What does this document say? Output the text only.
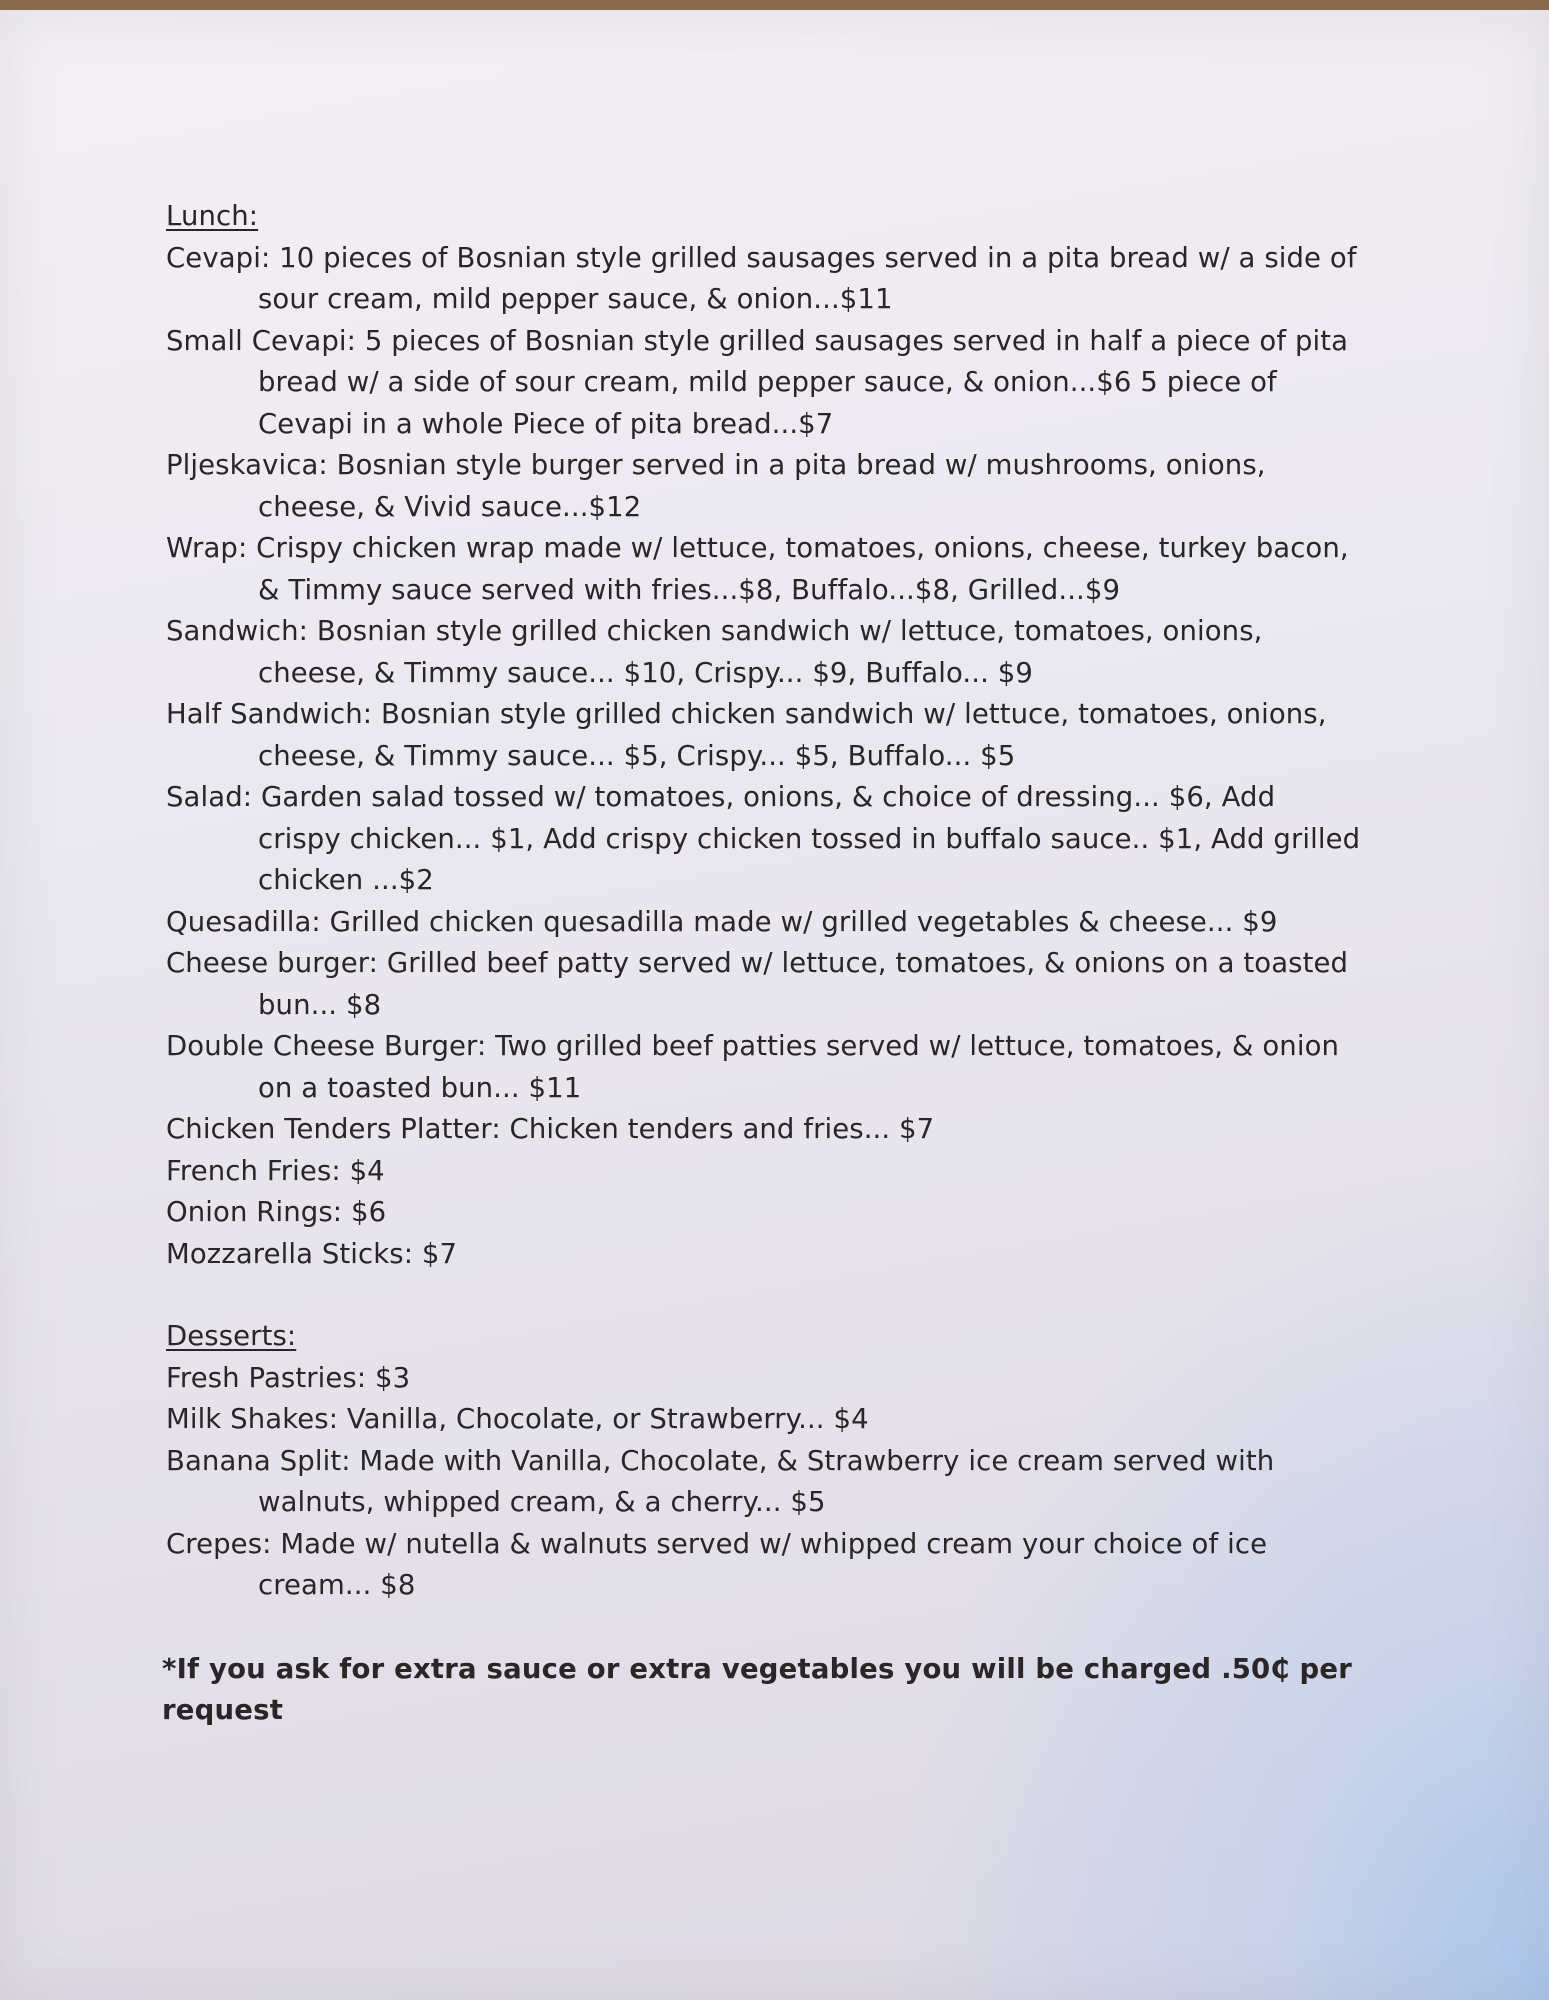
Lunch:
Cevapi: 10 pieces of Bosnian style grilled sausages served in a pita bread w/ a side of sour cream, mild pepper sauce, & onion...$11
Small Cevapi: 5 pieces of Bosnian style grilled sausages served in half a piece of pita bread w/ a side of sour cream, mild pepper sauce, & onion...$6 5 piece of Cevapi in a whole Piece of pita bread...$7
Pljeskavica: Bosnian style burger served in a pita bread w/ mushrooms, onions, cheese, & Vivid sauce...$12
Wrap: Crispy chicken wrap made w/ lettuce, tomatoes, onions, cheese, turkey bacon, & Timmy sauce served with fries...$8, Buffalo...$8, Grilled...$9
Sandwich: Bosnian style grilled chicken sandwich w/ lettuce, tomatoes, onions, cheese, & Timmy sauce... $10, Crispy... $9, Buffalo... $9
Half Sandwich: Bosnian style grilled chicken sandwich w/ lettuce, tomatoes, onions, cheese, & Timmy sauce... $5, Crispy... $5, Buffalo... $5
Salad: Garden salad tossed w/ tomatoes, onions, & choice of dressing... $6, Add crispy chicken... $1, Add crispy chicken tossed in buffalo sauce.. $1, Add grilled chicken ...$2
Quesadilla: Grilled chicken quesadilla made w/ grilled vegetables & cheese... $9
Cheese burger: Grilled beef patty served w/ lettuce, tomatoes, & onions on a toasted bun... $8
Double Cheese Burger: Two grilled beef patties served w/ lettuce, tomatoes, & onion on a toasted bun... $11
Chicken Tenders Platter: Chicken tenders and fries... $7
French Fries: $4
Onion Rings: $6
Mozzarella Sticks: $7
Desserts:
Fresh Pastries: $3
Milk Shakes: Vanilla, Chocolate, or Strawberry... $4
Banana Split: Made with Vanilla, Chocolate, & Strawberry ice cream served with walnuts, whipped cream, & a cherry... $5
Crepes: Made w/ nutella & walnuts served w/ whipped cream your choice of ice cream... $8
*If you ask for extra sauce or extra vegetables you will be charged .50₵ per request
